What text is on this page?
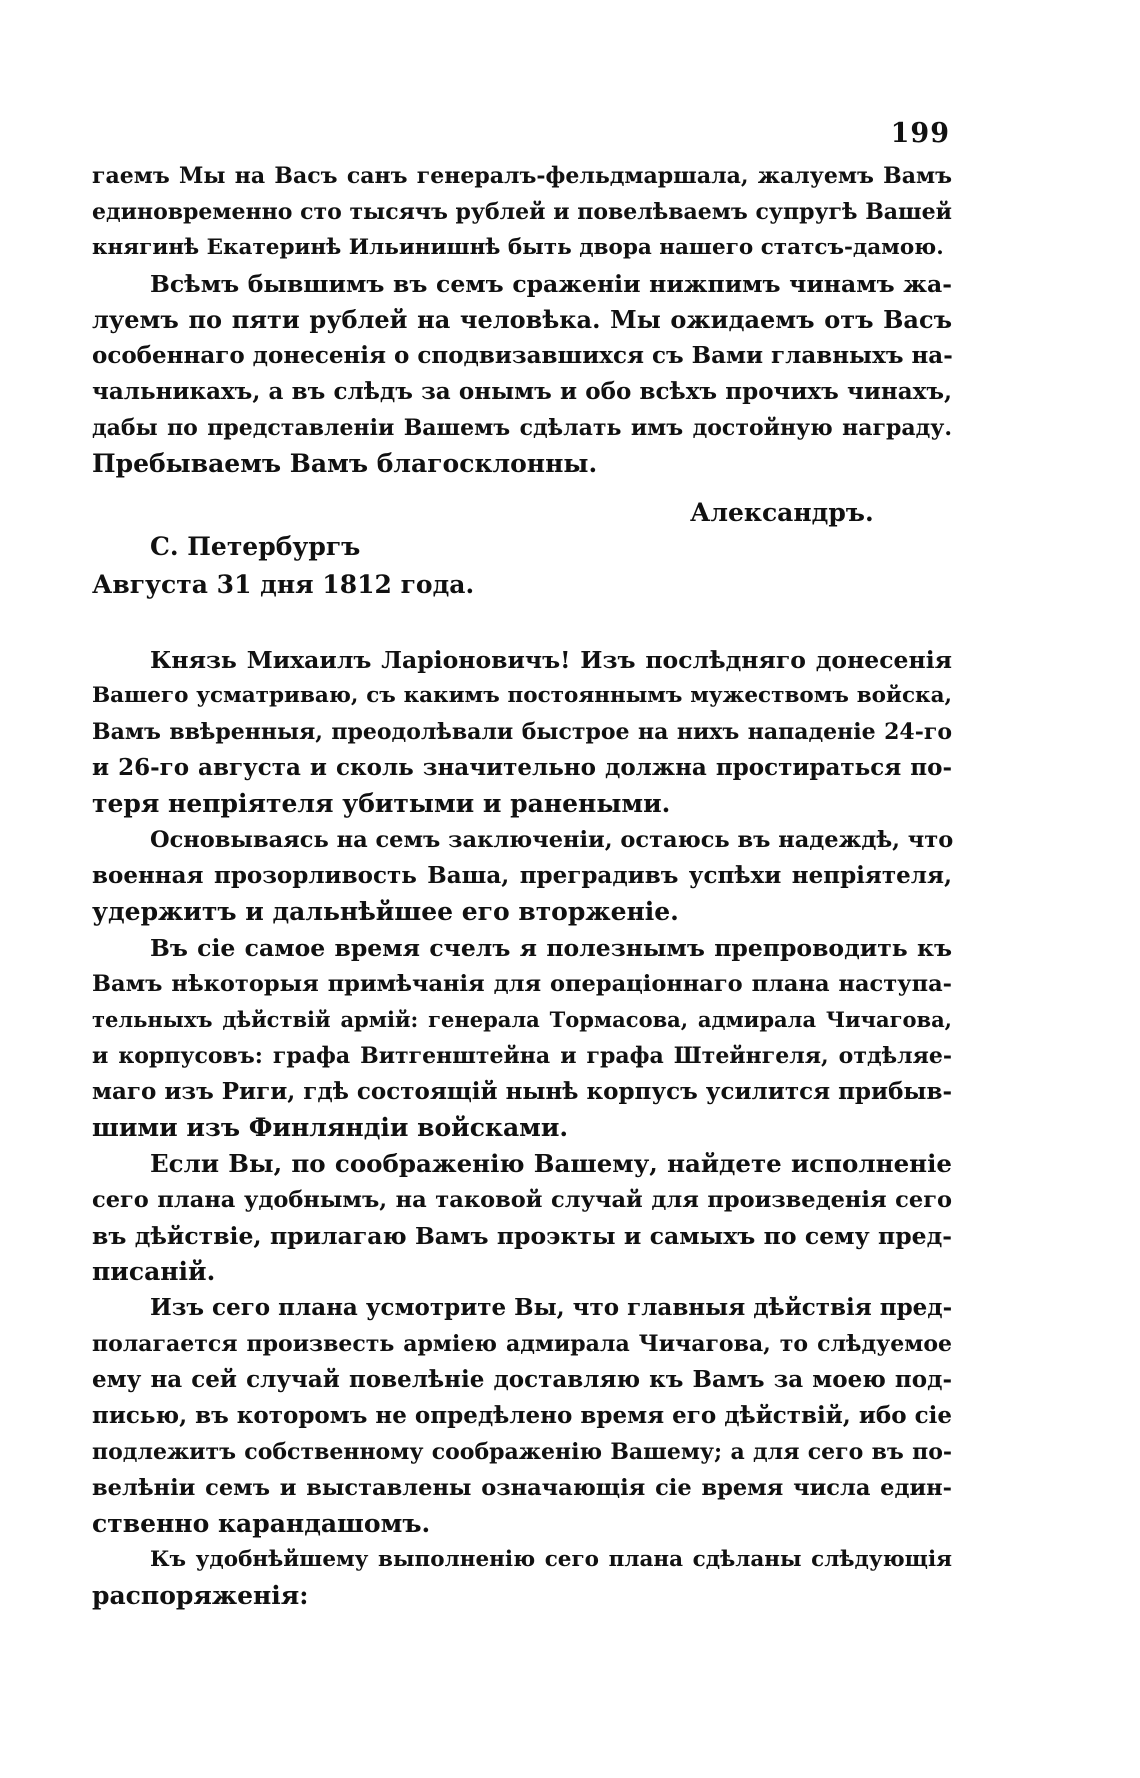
199
гаемъ Мы на Васъ санъ генералъ-фельдмаршала, жалуемъ Вамъ
единовременно сто тысячъ рублей и повелѣваемъ супругѣ Вашей
княгинѣ Екатеринѣ Ильинишнѣ быть двора нашего статсъ-дамою.
Всѣмъ бывшимъ въ семъ сраженіи нижпимъ чинамъ жа-
луемъ по пяти рублей на человѣка. Мы ожидаемъ отъ Васъ
особеннаго донесенія о сподвизавшихся съ Вами главныхъ на-
чальникахъ, а въ слѣдъ за онымъ и обо всѣхъ прочихъ чинахъ,
дабы по представленіи Вашемъ сдѣлать имъ достойную награду.
Пребываемъ Вамъ благосклонны.
Александръ.
С. Петербургъ
Августа 31 дня 1812 года.
Князь Михаилъ Ларіоновичъ! Изъ послѣдняго донесенія
Вашего усматриваю, съ какимъ постояннымъ мужествомъ войска,
Вамъ ввѣренныя, преодолѣвали быстрое на нихъ нападеніе 24-го
и 26-го августа и сколь значительно должна простираться по-
теря непріятеля убитыми и ранеными.
Основываясь на семъ заключеніи, остаюсь въ надеждѣ, что
военная прозорливость Ваша, преградивъ успѣхи непріятеля,
удержитъ и дальнѣйшее его вторженіе.
Въ сіе самое время счелъ я полезнымъ препроводить къ
Вамъ нѣкоторыя примѣчанія для операціоннаго плана наступа-
тельныхъ дѣйствій армій: генерала Тормасова, адмирала Чичагова,
и корпусовъ: графа Витгенштейна и графа Штейнгеля, отдѣляе-
маго изъ Риги, гдѣ состоящій нынѣ корпусъ усилится прибыв-
шими изъ Финляндіи войсками.
Если Вы, по соображенію Вашему, найдете исполненіе
сего плана удобнымъ, на таковой случай для произведенія сего
въ дѣйствіе, прилагаю Вамъ проэкты и самыхъ по сему пред-
писаній.
Изъ сего плана усмотрите Вы, что главныя дѣйствія пред-
полагается произвесть арміею адмирала Чичагова, то слѣдуемое
ему на сей случай повелѣніе доставляю къ Вамъ за моею под-
писью, въ которомъ не опредѣлено время его дѣйствій, ибо сіе
подлежитъ собственному соображенію Вашему; а для сего въ по-
велѣніи семъ и выставлены означающія сіе время числа един-
ственно карандашомъ.
Къ удобнѣйшему выполненію сего плана сдѣланы слѣдующія
распоряженія:
